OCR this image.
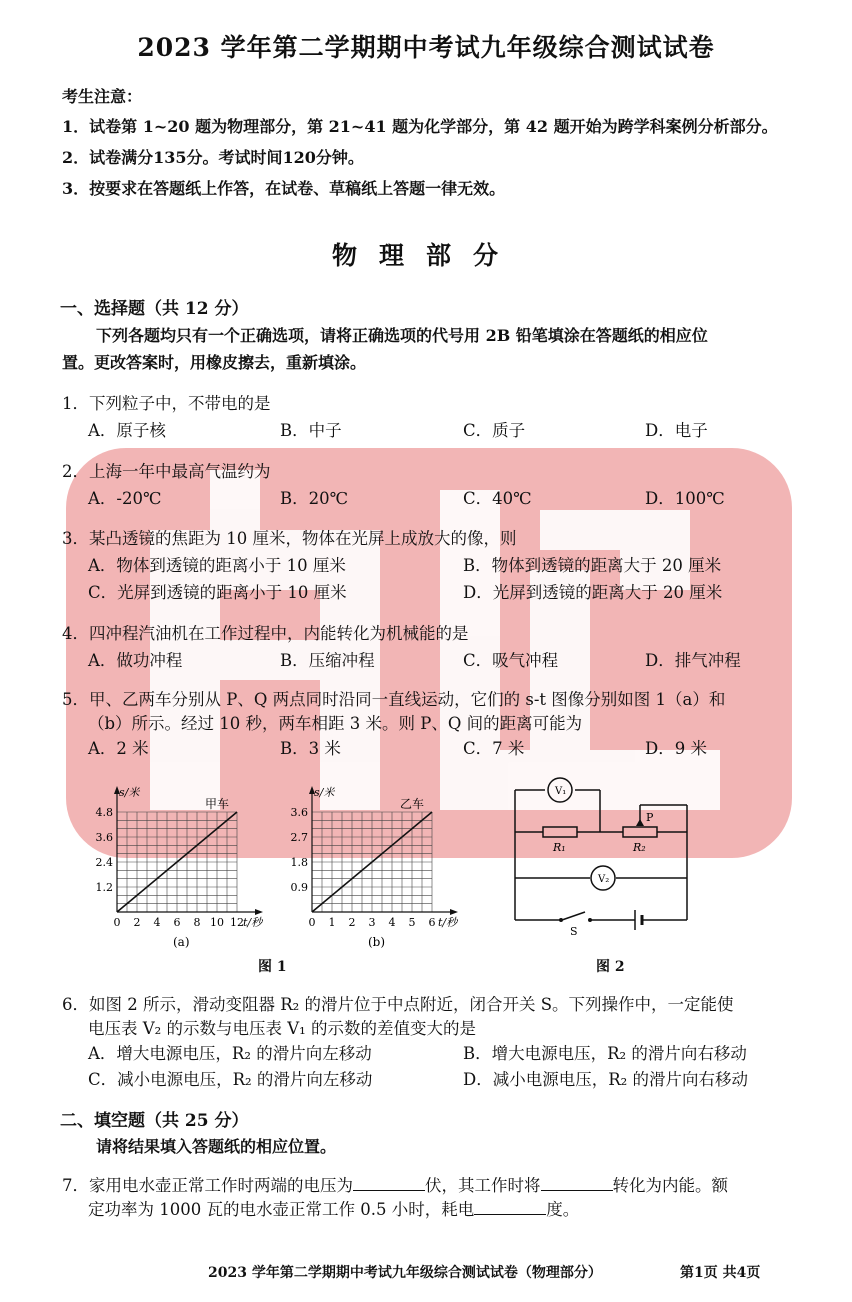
2023 学年第二学期期中考试九年级综合测试试卷
考生注意：
1．试卷第 1~20 题为物理部分，第 21~41 题为化学部分，第 42 题开始为跨学科案例分析部分。
2．试卷满分135分。考试时间120分钟。
3．按要求在答题纸上作答，在试卷、草稿纸上答题一律无效。
物理部分
一、选择题（共 12 分）
下列各题均只有一个正确选项，请将正确选项的代号用 2B 铅笔填涂在答题纸的相应位
置。更改答案时，用橡皮擦去，重新填涂。
1．下列粒子中，不带电的是
A．原子核	B．中子	C．质子	D．电子
2．上海一年中最高气温约为
A．-20℃	B．20℃	C．40℃	D．100℃
3．某凸透镜的焦距为 10 厘米，物体在光屏上成放大的像，则
A．物体到透镜的距离小于 10 厘米	B．物体到透镜的距离大于 20 厘米
C．光屏到透镜的距离小于 10 厘米	D．光屏到透镜的距离大于 20 厘米
4．四冲程汽油机在工作过程中，内能转化为机械能的是
A．做功冲程	B．压缩冲程	C．吸气冲程	D．排气冲程
5．甲、乙两车分别从 P、Q 两点同时沿同一直线运动，它们的 s-t 图像分别如图 1（a）和
（b）所示。经过 10 秒，两车相距 3 米。则 P、Q 间的距离可能为
A．2 米	B．3 米	C．7 米	D．9 米
0 2 4 6 8 10 12
1.2
2.4
3.6
4.8
s/米
t/秒
甲车
(a)
0 1 2 3 4 5 6
0.9
1.8
2.7
3.6
s/米
t/秒
乙车
(b)
图 1
V₁
V₂
R₁	R₂
P
S
图 2
6．如图 2 所示，滑动变阻器 R₂ 的滑片位于中点附近，闭合开关 S。下列操作中，一定能使
电压表 V₂ 的示数与电压表 V₁ 的示数的差值变大的是
A．增大电源电压，R₂ 的滑片向左移动	B．增大电源电压，R₂ 的滑片向右移动
C．减小电源电压，R₂ 的滑片向左移动	D．减小电源电压，R₂ 的滑片向右移动
二、填空题（共 25 分）
请将结果填入答题纸的相应位置。
7．家用电水壶正常工作时两端的电压为	伏，其工作时将	转化为内能。额
定功率为 1000 瓦的电水壶正常工作 0.5 小时，耗电	度。
2023 学年第二学期期中考试九年级综合测试试卷（物理部分）	第1页 共4页
